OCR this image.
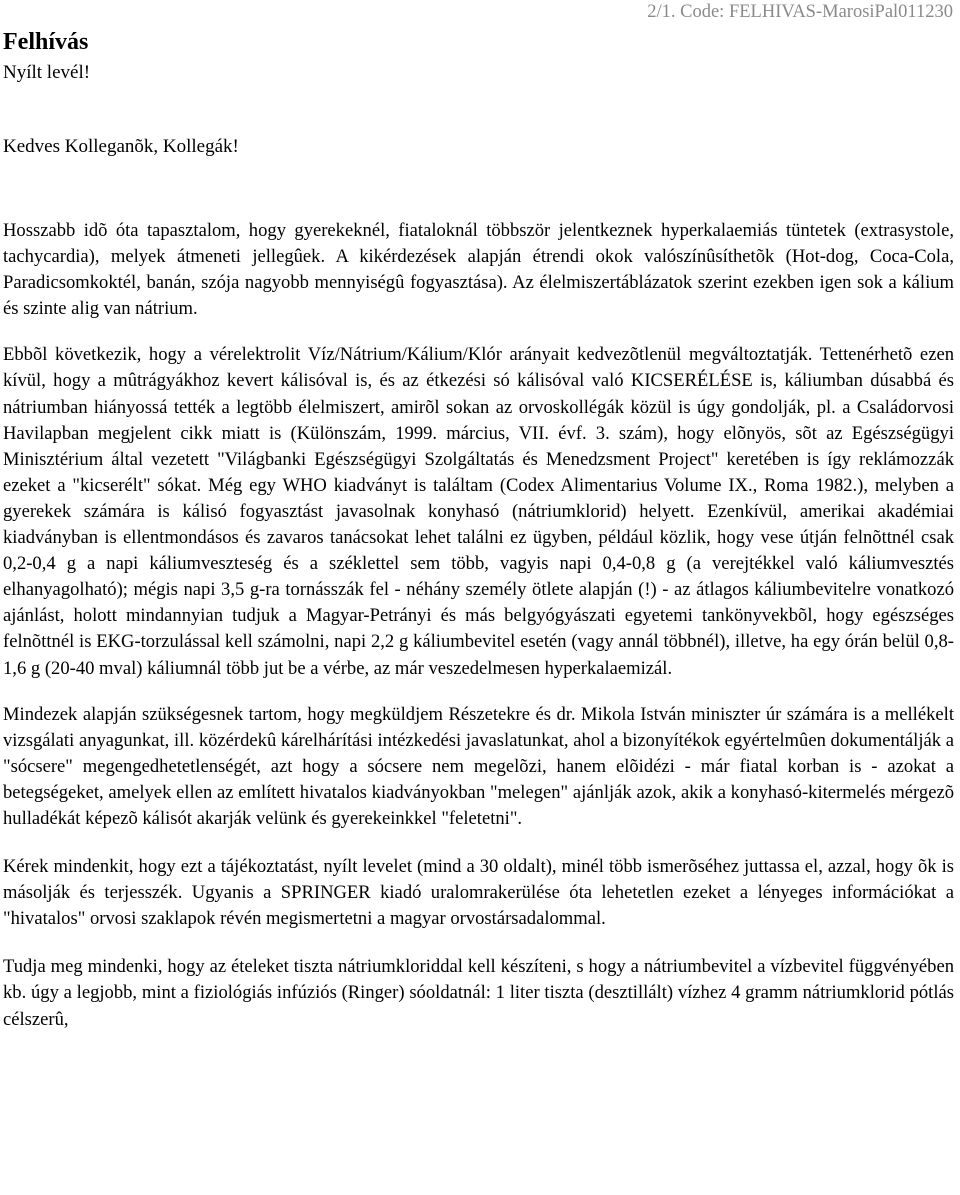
Felhívás
Nyílt levél!
2/1. Code: FELHIVAS-MarosiPal011230
Kedves Kolleganõk, Kollegák!

Hosszabb idõ óta tapasztalom, hogy gyerekeknél, fiataloknál többször jelentkeznek hyperkalaemiás tüntetek (extrasystole, tachycardia), melyek átmeneti jellegûek. A kikérdezések alapján étrendi okok valószínûsíthetõk (Hot-dog, Coca-Cola, Paradicsomkoktél, banán, szója nagyobb mennyiségû fogyasztása). Az élelmiszertáblázatok szerint ezekben igen sok a kálium és szinte alig van nátrium.

Ebbõl következik, hogy a vérelektrolit Víz/Nátrium/Kálium/Klór arányait kedvezõtlenül megváltoztatják. Tettenérhetõ ezen kívül, hogy a mûtrágyákhoz kevert kálisóval is, és az étkezési só kálisóval való KICSERÉLÉSE is, káliumban dúsabbá és nátriumban hiányossá tették a legtöbb élelmiszert, amirõl sokan az orvoskollégák közül is úgy gondolják, pl. a Családorvosi Havilapban megjelent cikk miatt is (Különszám, 1999. március, VII. évf. 3. szám), hogy elõnyös, sõt az Egészségügyi Minisztérium által vezetett "Világbanki Egészségügyi Szolgáltatás és Menedzsment Project" keretében is így reklámozzák ezeket a "kicserélt" sókat. Még egy WHO kiadványt is találtam (Codex Alimentarius Volume IX., Roma 1982.), melyben a gyerekek számára is kálisó fogyasztást javasolnak konyhasó (nátriumklorid) helyett. Ezenkívül, amerikai akadémiai kiadványban is ellentmondásos és zavaros tanácsokat lehet találni ez ügyben, például közlik, hogy vese útján felnõttnél csak 0,2-0,4 g a napi káliumveszteség és a széklettel sem több, vagyis napi 0,4-0,8 g (a verejtékkel való káliumvesztés elhanyagolható); mégis napi 3,5 g-ra tornásszák fel - néhány személy ötlete alapján (!) - az átlagos káliumbevitelre vonatkozó ajánlást, holott mindannyian tudjuk a Magyar-Petrányi és más belgyógyászati egyetemi tankönyvekbõl, hogy egészséges felnõttnél is EKG-torzulással kell számolni, napi 2,2 g káliumbevitel esetén (vagy annál többnél), illetve, ha egy órán belül 0,8-1,6 g (20-40 mval) káliumnál több jut be a vérbe, az már veszedelmesen hyperkalaemizál.

Mindezek alapján szükségesnek tartom, hogy megküldjem Részetekre és dr. Mikola István miniszter úr számára is a mellékelt vizsgálati anyagunkat, ill. közérdekû kárelhárítási intézkedési javaslatunkat, ahol a bizonyítékok egyértelmûen dokumentálják a "sócsere" megengedhetetlenségét, azt hogy a sócsere nem megelõzi, hanem elõidézi - már fiatal korban is - azokat a betegségeket, amelyek ellen az említett hivatalos kiadványokban "melegen" ajánlják azok, akik a konyhasó-kitermelés mérgezõ hulladékát képezõ kálisót akarják velünk és gyerekeinkkel "feletetni".

Kérek mindenkit, hogy ezt a tájékoztatást, nyílt levelet (mind a 30 oldalt), minél több ismerõséhez juttassa el, azzal, hogy õk is másolják és terjesszék. Ugyanis a SPRINGER kiadó uralomrakerülése óta lehetetlen ezeket a lényeges információkat a "hivatalos" orvosi szaklapok révén megismertetni a magyar orvostársadalommal.

Tudja meg mindenki, hogy az ételeket tiszta nátriumkloriddal kell készíteni, s hogy a nátriumbevitel a vízbevitel függvényében kb. úgy a legjobb, mint a fiziológiás infúziós (Ringer) sóoldatnál: 1 liter tiszta (desztillált) vízhez 4 gramm nátriumklorid pótlás célszerû,
